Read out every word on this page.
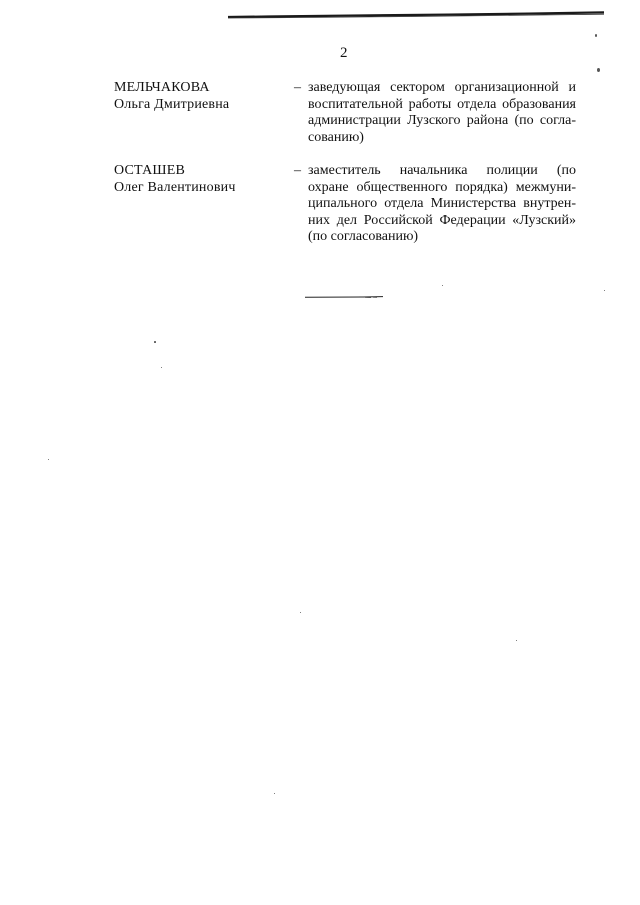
2
МЕЛЬЧАКОВА
Ольга Дмитриевна
– заведующая сектором организационной и
воспитательной работы отдела образования
администрации Лузского района (по согла-
сованию)
ОСТАШЕВ
Олег Валентинович
– заместитель начальника полиции (по
охране общественного порядка) межмуни-
ципального отдела Министерства внутрен-
них дел Российской Федерации «Лузский»
(по согласованию)
